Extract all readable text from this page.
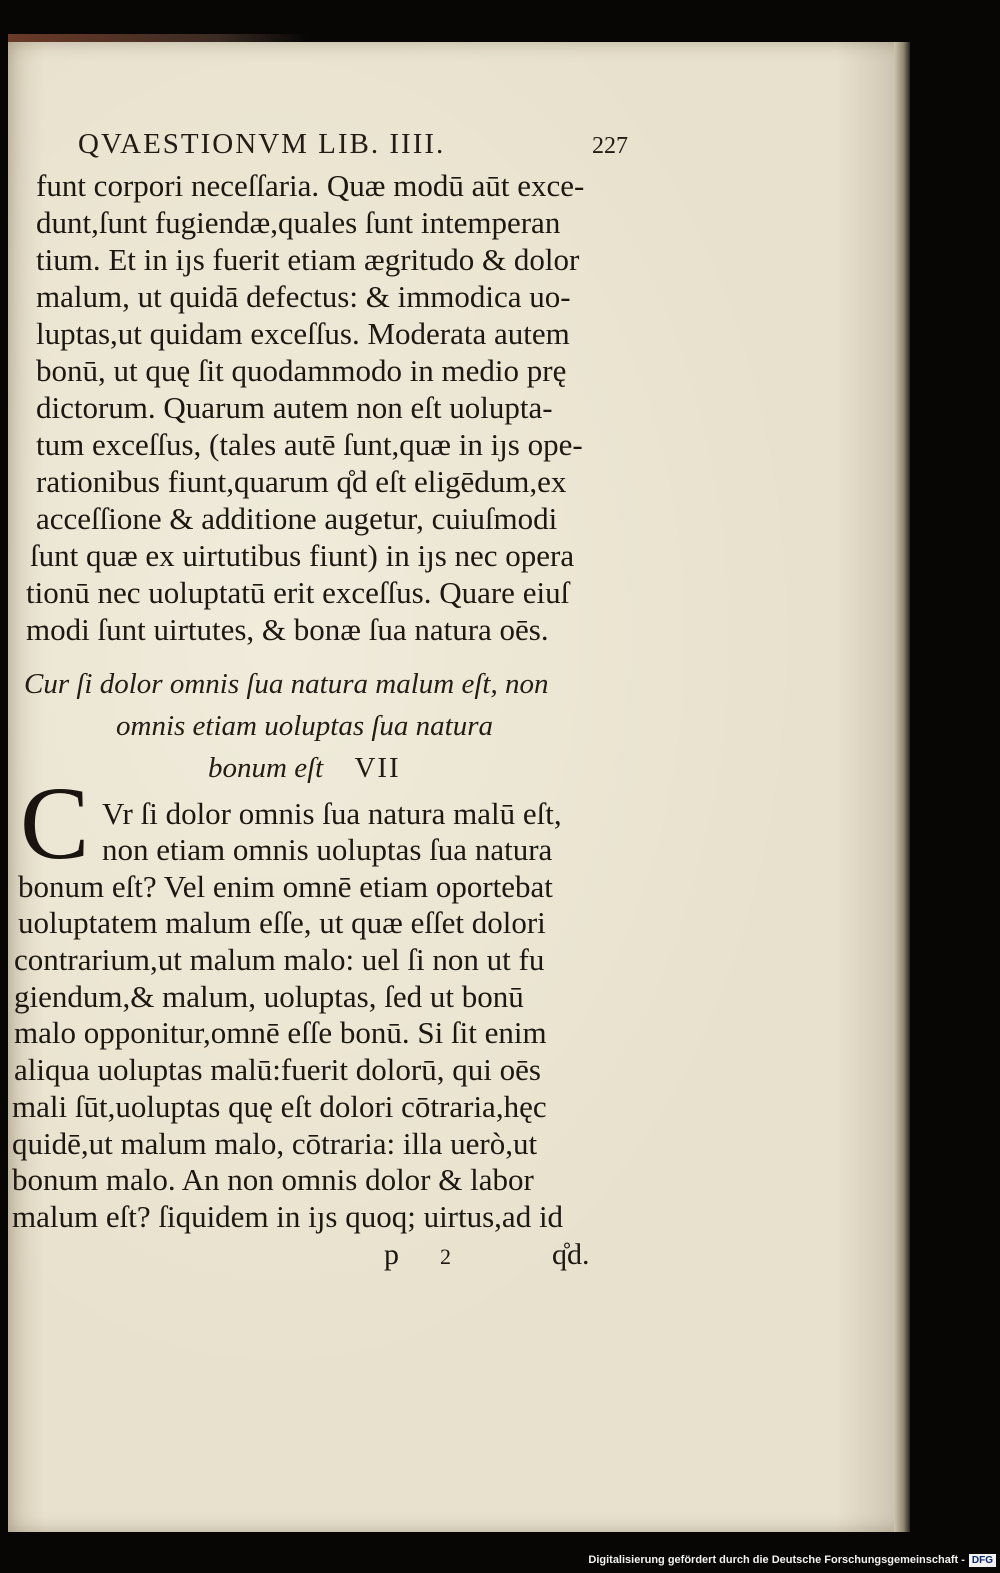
QVAESTIONVM LIB. IIII.	227
funt corpori neceſſaria. Quæ modū aūt exce-
dunt,ſunt fugiendæ,quales ſunt intemperan
tium. Et in iȷs fuerit etiam ægritudo & dolor
malum, ut quidā defectus: & immodica uo-
luptas,ut quidam exceſſus. Moderata autem
bonū, ut quę ſit quodammodo in medio prę
dictorum. Quarum autem non eſt uolupta-
tum exceſſus, (tales autē ſunt,quæ in iȷs ope-
rationibus fiunt,quarum q̊d eſt eligēdum,ex
acceſſione & additione augetur, cuiuſmodi
ſunt quæ ex uirtutibus fiunt) in iȷs nec opera
tionū nec uoluptatū erit exceſſus. Quare eiuſ
modi ſunt uirtutes, & bonæ ſua natura oēs.
Cur ſi dolor omnis ſua natura malum eſt, non
omnis etiam uoluptas ſua natura
bonum eſt VII
C Vr ſi dolor omnis ſua natura malū eſt,
non etiam omnis uoluptas ſua natura
bonum eſt? Vel enim omnē etiam oportebat
uoluptatem malum eſſe, ut quæ eſſet dolori
contrarium,ut malum malo: uel ſi non ut fu
giendum,& malum, uoluptas, ſed ut bonū
malo opponitur,omnē eſſe bonū. Si ſit enim
aliqua uoluptas malū:fuerit dolorū, qui oēs
mali ſūt,uoluptas quę eſt dolori cōtraria,hęc
quidē,ut malum malo, cōtraria: illa uerò,ut
bonum malo. An non omnis dolor & labor
malum eſt? ſiquidem in iȷs quoq; uirtus,ad id
p 2	q̊d.
Digitalisierung gefördert durch die Deutsche Forschungsgemeinschaft - DFG
